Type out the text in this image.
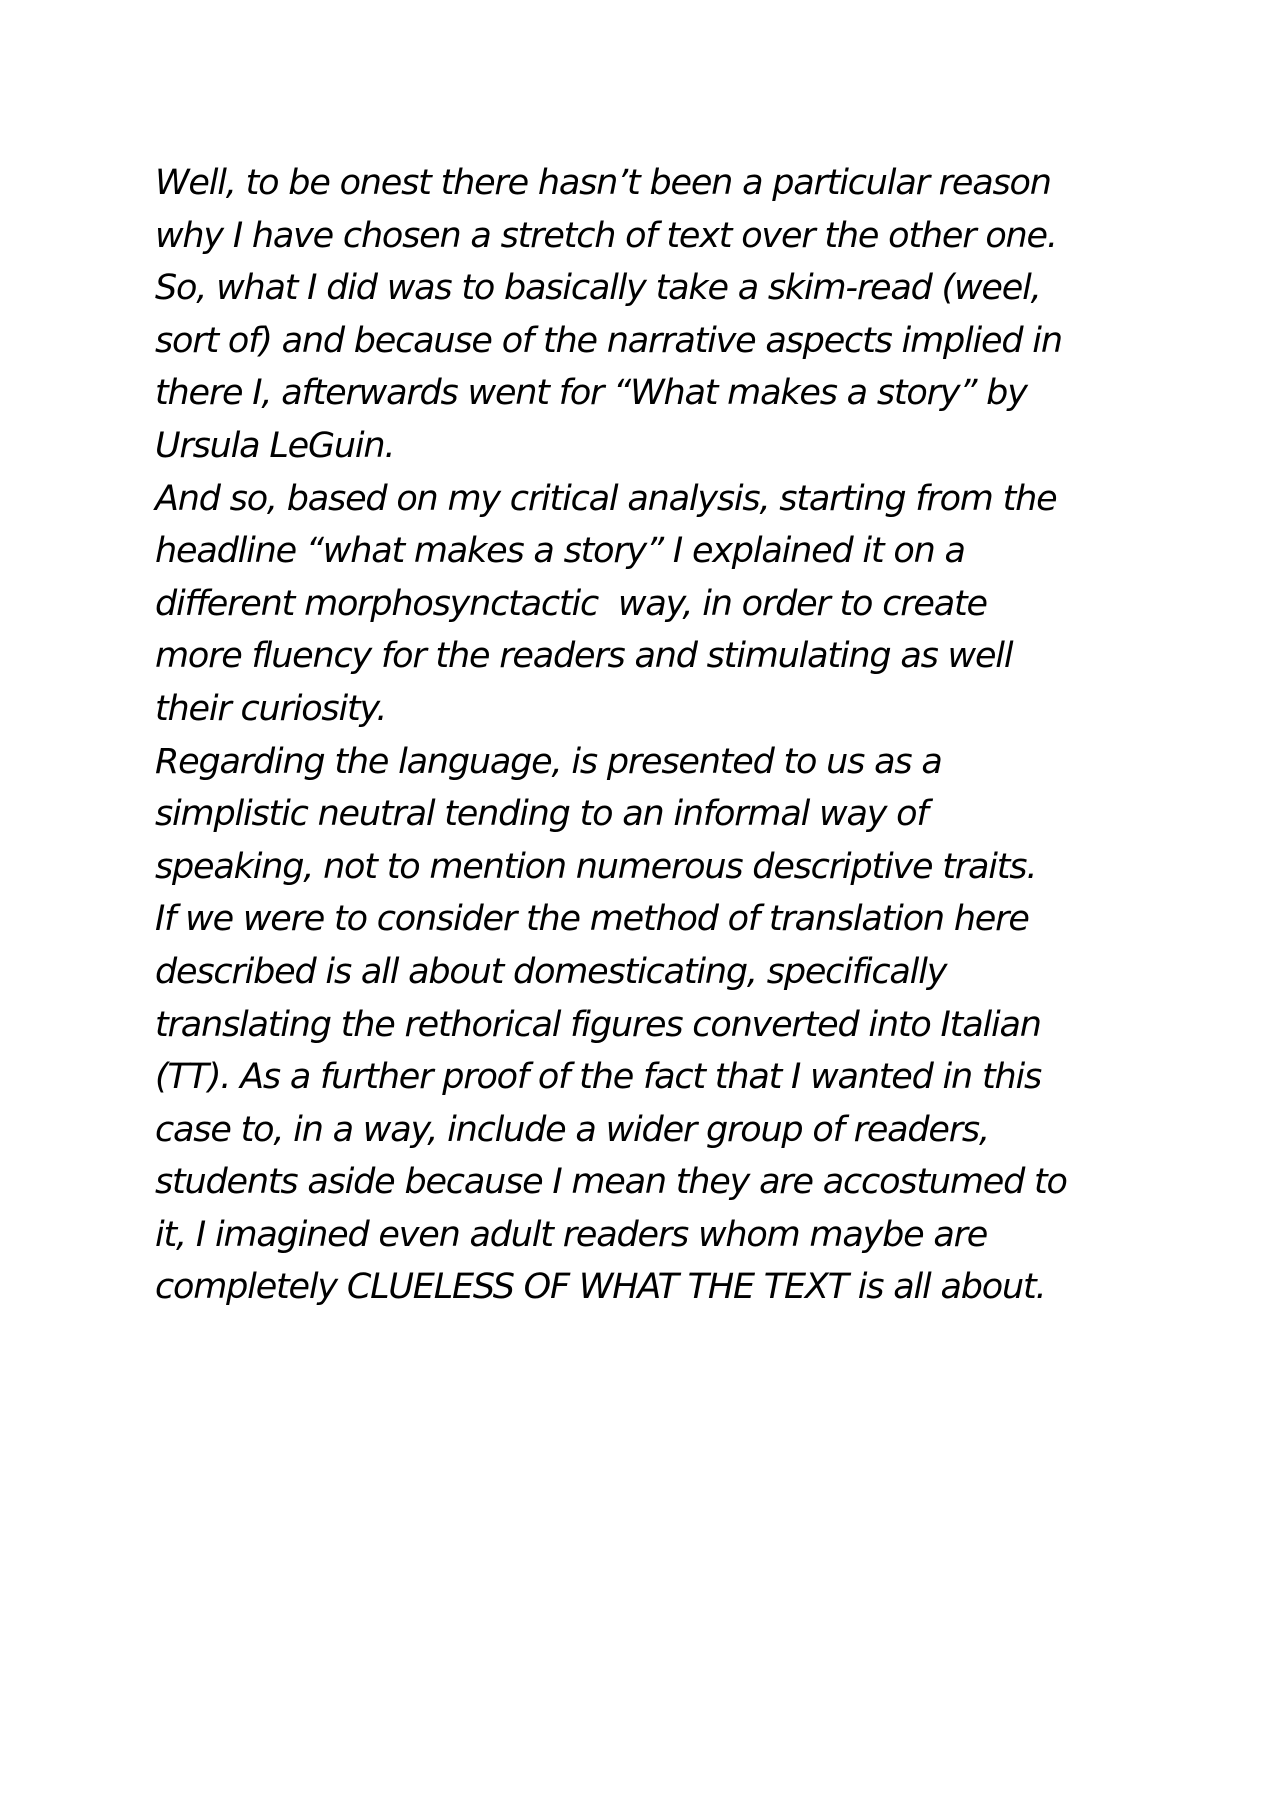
Well, to be onest there hasn’t been a particular reason
why I have chosen a stretch of text over the other one.
So, what I did was to basically take a skim-read (weel,
sort of) and because of the narrative aspects implied in
there I, afterwards went for “What makes a story” by
Ursula LeGuin.
And so, based on my critical analysis, starting from the
headline “what makes a story” I explained it on a
different morphosynctactic  way, in order to create
more fluency for the readers and stimulating as well
their curiosity.
Regarding the language, is presented to us as a
simplistic neutral tending to an informal way of
speaking, not to mention numerous descriptive traits.
If we were to consider the method of translation here
described is all about domesticating, specifically
translating the rethorical figures converted into Italian
(TT). As a further proof of the fact that I wanted in this
case to, in a way, include a wider group of readers,
students aside because I mean they are accostumed to
it, I imagined even adult readers whom maybe are
completely CLUELESS OF WHAT THE TEXT is all about.
